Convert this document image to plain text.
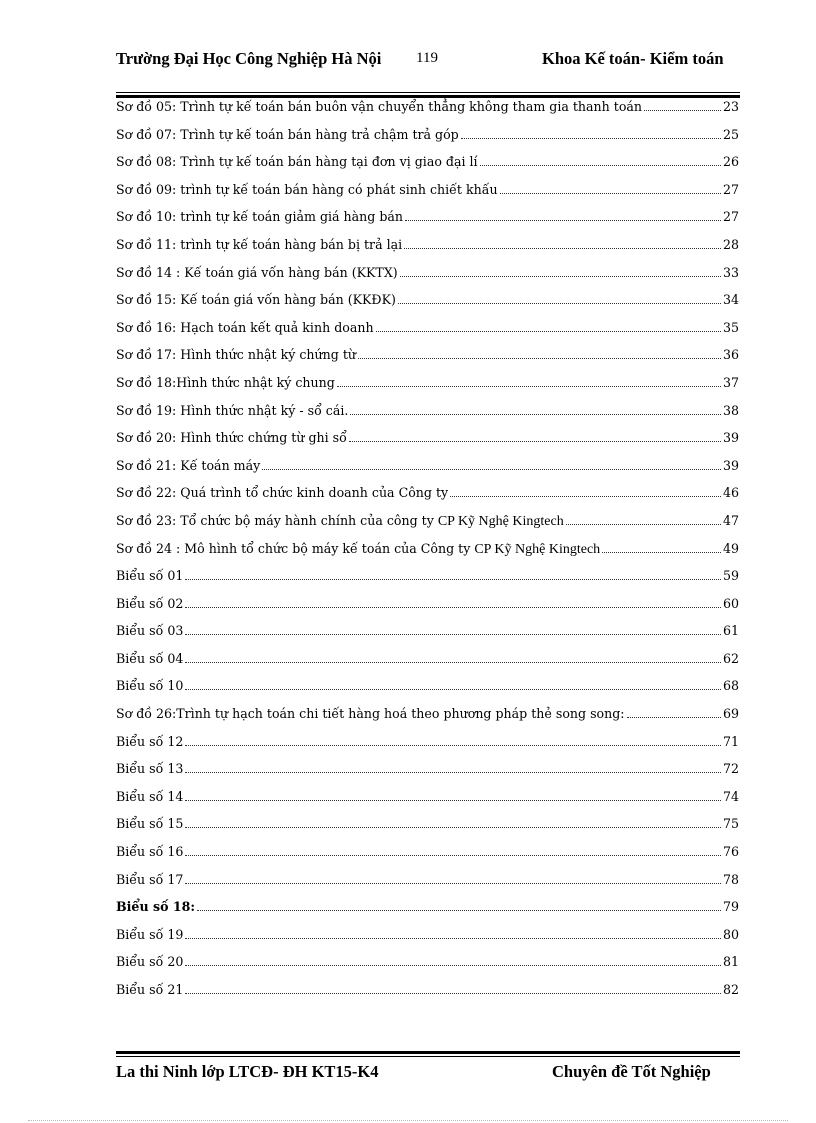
Trường Đại Học Công Nghiệp Hà Nội	119	Khoa Kế toán- Kiểm toán
Sơ đồ 05: Trình tự kế toán bán buôn vận chuyển thẳng không tham gia thanh toán	23
Sơ đồ 07: Trình tự kế toán bán hàng trả chậm trả góp	25
Sơ đồ 08: Trình tự kế toán bán hàng tại đơn vị giao đại lí	26
Sơ đồ 09: trình tự kế toán bán hàng có phát sinh chiết khấu	27
Sơ đồ 10: trình tự kế toán giảm giá hàng bán	27
Sơ đồ 11: trình tự kế toán hàng bán bị trả lại	28
Sơ đồ 14 : Kế toán giá vốn hàng bán (KKTX)	33
Sơ đồ 15: Kế toán giá vốn hàng bán (KKĐK)	34
Sơ đồ 16: Hạch toán kết quả kinh doanh	35
Sơ đồ 17: Hình thức nhật ký chứng từ	36
Sơ đồ 18:Hình thức nhật ký chung	37
Sơ đồ 19: Hình thức nhật ký - sổ cái.	38
Sơ đồ 20: Hình thức chứng từ ghi sổ	39
Sơ đồ 21: Kế toán máy	39
Sơ đồ 22: Quá trình tổ chức kinh doanh của Công ty	46
Sơ đồ 23: Tổ chức bộ máy hành chính của công ty CP Kỹ Nghệ Kingtech	47
Sơ đồ 24 : Mô hình tổ chức bộ máy kế toán của Công ty CP Kỹ Nghệ Kingtech	49
Biểu số 01	59
Biểu số 02	60
Biểu số 03	61
Biểu số 04	62
Biểu số 10	68
Sơ đồ 26:Trình tự hạch toán chi tiết hàng hoá theo phương pháp thẻ song song:	69
Biểu số 12	71
Biểu số 13	72
Biểu số 14	74
Biểu số 15	75
Biểu số 16	76
Biểu số 17	78
Biểu số 18:	79
Biểu số 19	80
Biểu số 20	81
Biểu số 21	82
La thi Ninh lớp LTCĐ- ĐH KT15-K4	Chuyên đề Tốt Nghiệp
